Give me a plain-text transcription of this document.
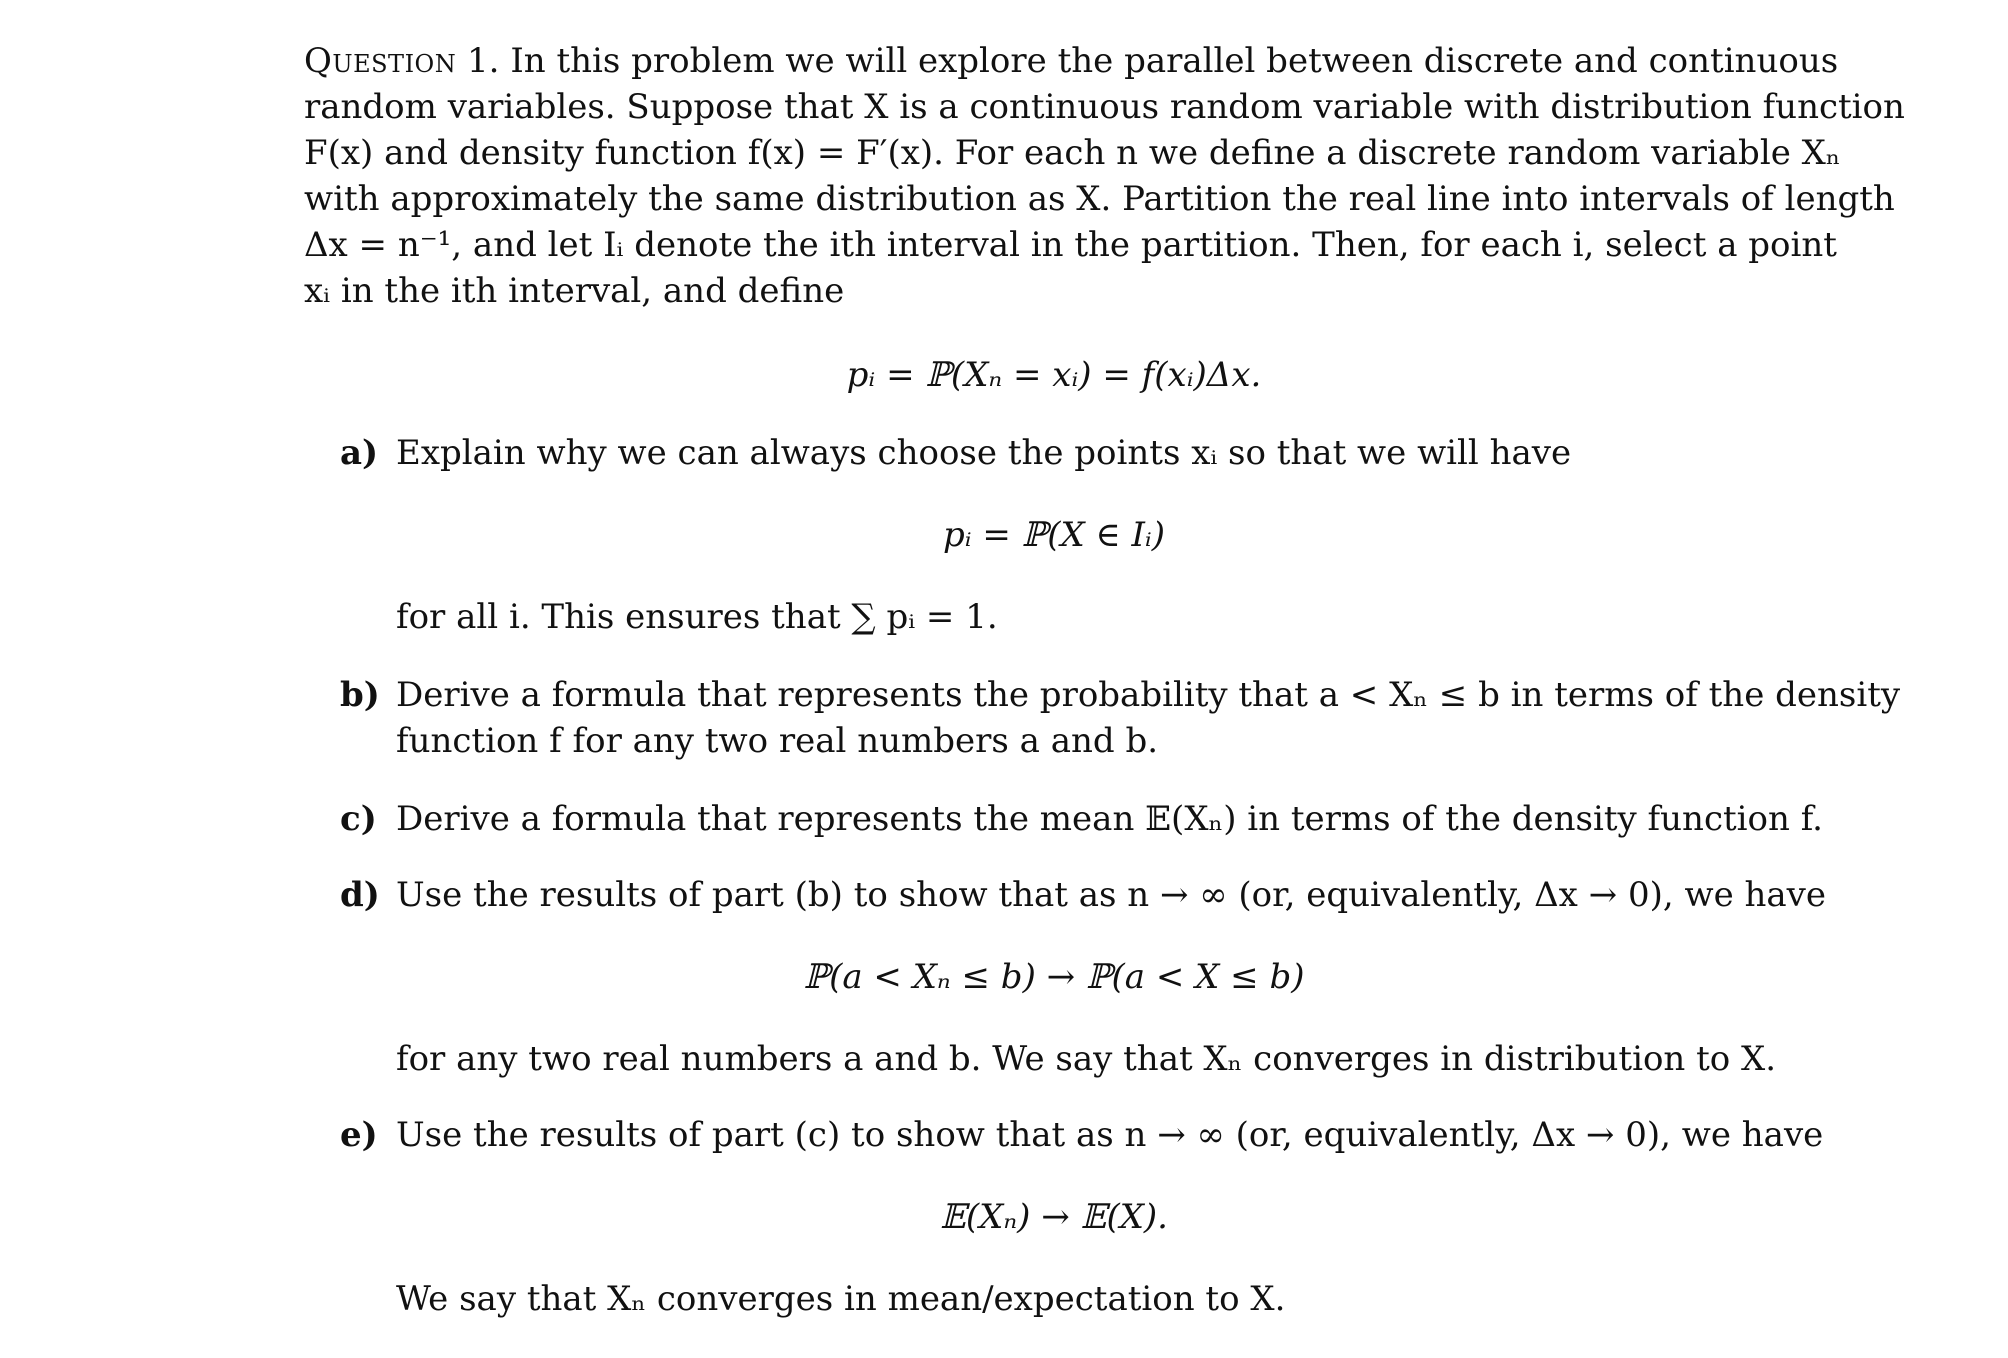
Question 1. In this problem we will explore the parallel between discrete and continuous
random variables. Suppose that X is a continuous random variable with distribution function
F(x) and density function f(x) = F′(x). For each n we define a discrete random variable Xₙ
with approximately the same distribution as X. Partition the real line into intervals of length
Δx = n⁻¹, and let Iᵢ denote the ith interval in the partition. Then, for each i, select a point
xᵢ in the ith interval, and define
pᵢ = ℙ(Xₙ = xᵢ) = f(xᵢ)Δx.
a) Explain why we can always choose the points xᵢ so that we will have
pᵢ = ℙ(X ∈ Iᵢ)
for all i. This ensures that ∑ pᵢ = 1.
b) Derive a formula that represents the probability that a < Xₙ ≤ b in terms of the density
function f for any two real numbers a and b.
c) Derive a formula that represents the mean 𝔼(Xₙ) in terms of the density function f.
d) Use the results of part (b) to show that as n → ∞ (or, equivalently, Δx → 0), we have
ℙ(a < Xₙ ≤ b) → ℙ(a < X ≤ b)
for any two real numbers a and b. We say that Xₙ converges in distribution to X.
e) Use the results of part (c) to show that as n → ∞ (or, equivalently, Δx → 0), we have
𝔼(Xₙ) → 𝔼(X).
We say that Xₙ converges in mean/expectation to X.
